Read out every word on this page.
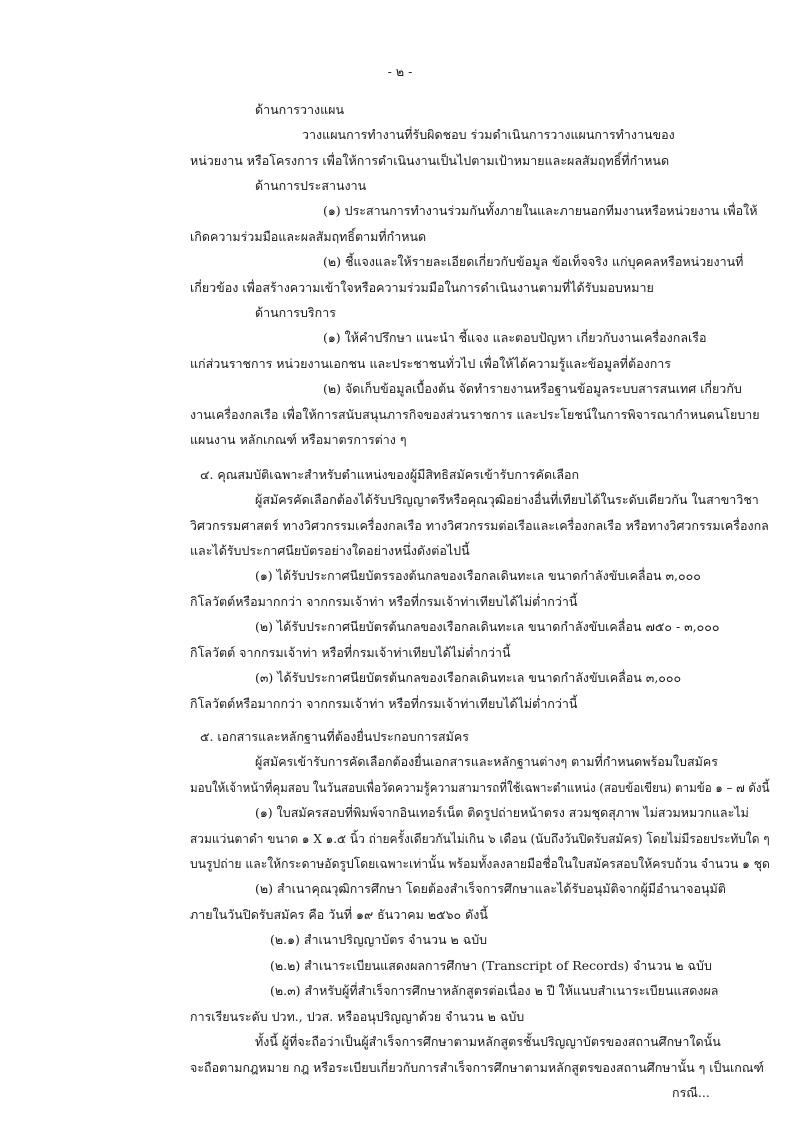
- ๒ -
ด้านการวางแผน
วางแผนการทำงานที่รับผิดชอบ ร่วมดำเนินการวางแผนการทำงานของ
หน่วยงาน หรือโครงการ เพื่อให้การดำเนินงานเป็นไปตามเป้าหมายและผลสัมฤทธิ์ที่กำหนด
ด้านการประสานงาน
(๑) ประสานการทำงานร่วมกันทั้งภายในและภายนอกทีมงานหรือหน่วยงาน เพื่อให้
เกิดความร่วมมือและผลสัมฤทธิ์ตามที่กำหนด
(๒) ชี้แจงและให้รายละเอียดเกี่ยวกับข้อมูล ข้อเท็จจริง แก่บุคคลหรือหน่วยงานที่
เกี่ยวข้อง เพื่อสร้างความเข้าใจหรือความร่วมมือในการดำเนินงานตามที่ได้รับมอบหมาย
ด้านการบริการ
(๑) ให้คำปรึกษา แนะนำ ชี้แจง และตอบปัญหา เกี่ยวกับงานเครื่องกลเรือ
แก่ส่วนราชการ หน่วยงานเอกชน และประชาชนทั่วไป เพื่อให้ได้ความรู้และข้อมูลที่ต้องการ
(๒) จัดเก็บข้อมูลเบื้องต้น จัดทำรายงานหรือฐานข้อมูลระบบสารสนเทศ เกี่ยวกับ
งานเครื่องกลเรือ เพื่อให้การสนับสนุนภารกิจของส่วนราชการ และประโยชน์ในการพิจารณากำหนดนโยบาย
แผนงาน หลักเกณฑ์ หรือมาตรการต่าง ๆ
๔. คุณสมบัติเฉพาะสำหรับตำแหน่งของผู้มีสิทธิสมัครเข้ารับการคัดเลือก
ผู้สมัครคัดเลือกต้องได้รับปริญญาตรีหรือคุณวุฒิอย่างอื่นที่เทียบได้ในระดับเดียวกัน ในสาขาวิชา
วิศวกรรมศาสตร์ ทางวิศวกรรมเครื่องกลเรือ ทางวิศวกรรมต่อเรือและเครื่องกลเรือ หรือทางวิศวกรรมเครื่องกล
และได้รับประกาศนียบัตรอย่างใดอย่างหนึ่งดังต่อไปนี้
(๑) ได้รับประกาศนียบัตรรองต้นกลของเรือกลเดินทะเล ขนาดกำลังขับเคลื่อน ๓,๐๐๐
กิโลวัตต์หรือมากกว่า จากกรมเจ้าท่า หรือที่กรมเจ้าท่าเทียบได้ไม่ต่ำกว่านี้
(๒) ได้รับประกาศนียบัตรต้นกลของเรือกลเดินทะเล ขนาดกำลังขับเคลื่อน ๗๕๐ - ๓,๐๐๐
กิโลวัตต์ จากกรมเจ้าท่า หรือที่กรมเจ้าท่าเทียบได้ไม่ต่ำกว่านี้
(๓) ได้รับประกาศนียบัตรต้นกลของเรือกลเดินทะเล ขนาดกำลังขับเคลื่อน ๓,๐๐๐
กิโลวัตต์หรือมากกว่า จากกรมเจ้าท่า หรือที่กรมเจ้าท่าเทียบได้ไม่ต่ำกว่านี้
๕. เอกสารและหลักฐานที่ต้องยื่นประกอบการสมัคร
ผู้สมัครเข้ารับการคัดเลือกต้องยื่นเอกสารและหลักฐานต่างๆ ตามที่กำหนดพร้อมใบสมัคร
มอบให้เจ้าหน้าที่คุมสอบ ในวันสอบเพื่อวัดความรู้ความสามารถที่ใช้เฉพาะตำแหน่ง (สอบข้อเขียน) ตามข้อ ๑ – ๗ ดังนี้
(๑) ใบสมัครสอบที่พิมพ์จากอินเทอร์เน็ต ติดรูปถ่ายหน้าตรง สวมชุดสุภาพ ไม่สวมหมวกและไม่
สวมแว่นตาดำ ขนาด ๑ X ๑.๕ นิ้ว ถ่ายครั้งเดียวกันไม่เกิน ๖ เดือน (นับถึงวันปิดรับสมัคร) โดยไม่มีรอยประทับใด ๆ
บนรูปถ่าย และให้กระดาษอัดรูปโดยเฉพาะเท่านั้น พร้อมทั้งลงลายมือชื่อในใบสมัครสอบให้ครบถ้วน จำนวน ๑ ชุด
(๒) สำเนาคุณวุฒิการศึกษา โดยต้องสำเร็จการศึกษาและได้รับอนุมัติจากผู้มีอำนาจอนุมัติ
ภายในวันปิดรับสมัคร คือ วันที่ ๑๙ ธันวาคม ๒๕๖๐ ดังนี้
(๒.๑) สำเนาปริญญาบัตร จำนวน ๒ ฉบับ
(๒.๒) สำเนาระเบียนแสดงผลการศึกษา (Transcript of Records) จำนวน ๒ ฉบับ
(๒.๓) สำหรับผู้ที่สำเร็จการศึกษาหลักสูตรต่อเนื่อง ๒ ปี ให้แนบสำเนาระเบียนแสดงผล
การเรียนระดับ ปวท., ปวส. หรืออนุปริญญาด้วย จำนวน ๒ ฉบับ
ทั้งนี้ ผู้ที่จะถือว่าเป็นผู้สำเร็จการศึกษาตามหลักสูตรชั้นปริญญาบัตรของสถานศึกษาใดนั้น
จะถือตามกฎหมาย กฎ หรือระเบียบเกี่ยวกับการสำเร็จการศึกษาตามหลักสูตรของสถานศึกษานั้น ๆ เป็นเกณฑ์
กรณี...
